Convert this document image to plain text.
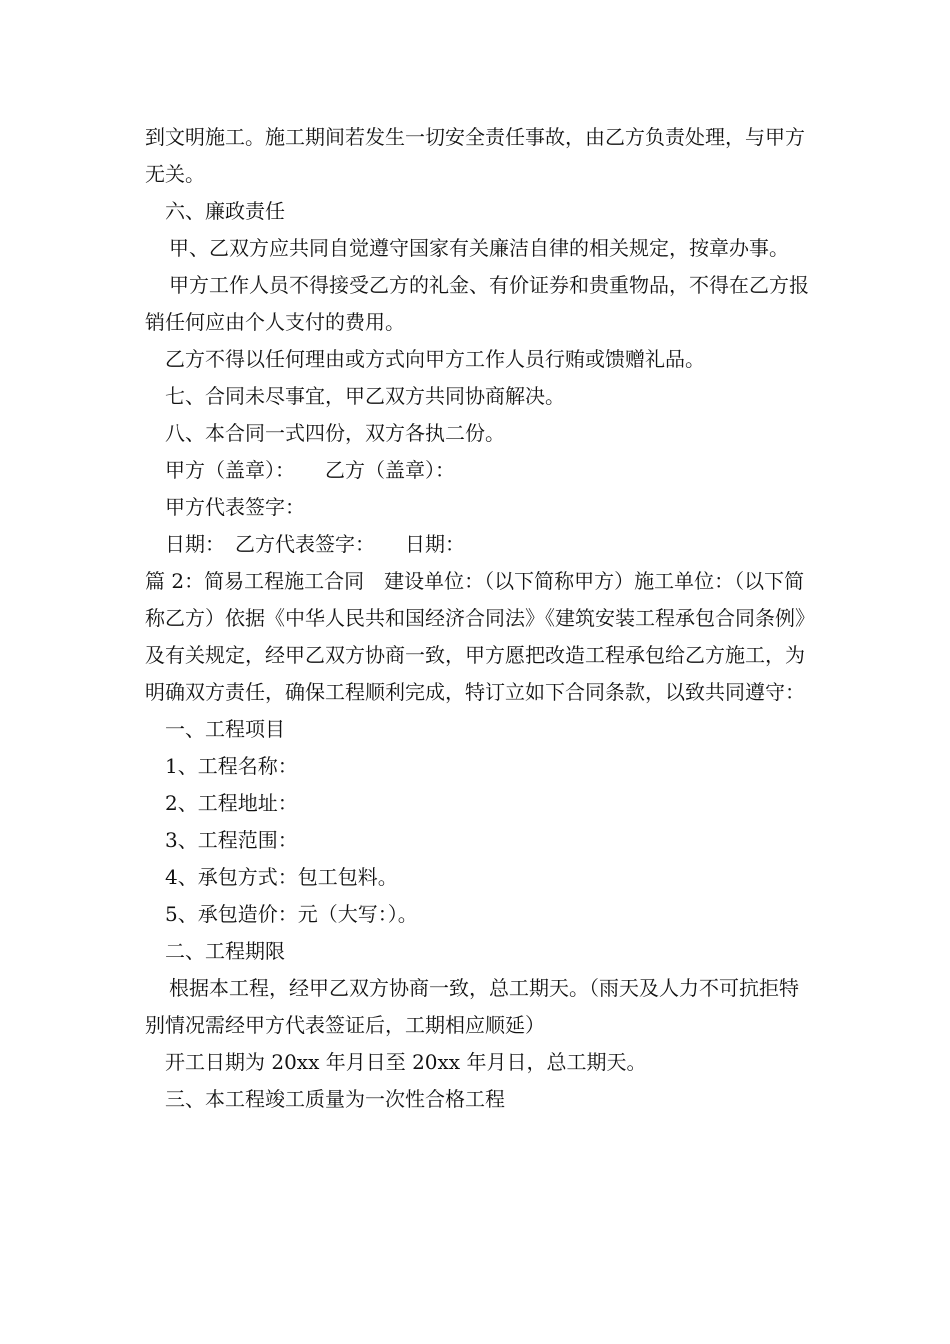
到文明施工。施工期间若发生一切安全责任事故，由乙方负责处理，与甲方无关。

六、廉政责任

甲、乙双方应共同自觉遵守国家有关廉洁自律的相关规定，按章办事。

甲方工作人员不得接受乙方的礼金、有价证券和贵重物品，不得在乙方报销任何应由个人支付的费用。

乙方不得以任何理由或方式向甲方工作人员行贿或馈赠礼品。

七、合同未尽事宜，甲乙双方共同协商解决。

八、本合同一式四份，双方各执二份。

甲方（盖章）：　　乙方（盖章）：

甲方代表签字：

日期：　乙方代表签字：　　日期：

篇 2：简易工程施工合同　建设单位：（以下简称甲方）施工单位：（以下简称乙方）依据《中华人民共和国经济合同法》《建筑安装工程承包合同条例》及有关规定，经甲乙双方协商一致，甲方愿把改造工程承包给乙方施工，为明确双方责任，确保工程顺利完成，特订立如下合同条款，以致共同遵守：

一、工程项目

1、工程名称：

2、工程地址：

3、工程范围：

4、承包方式：包工包料。

5、承包造价：元（大写：）。

二、工程期限

根据本工程，经甲乙双方协商一致，总工期天。（雨天及人力不可抗拒特别情况需经甲方代表签证后，工期相应顺延）

开工日期为 20xx 年月日至 20xx 年月日，总工期天。

三、本工程竣工质量为一次性合格工程
